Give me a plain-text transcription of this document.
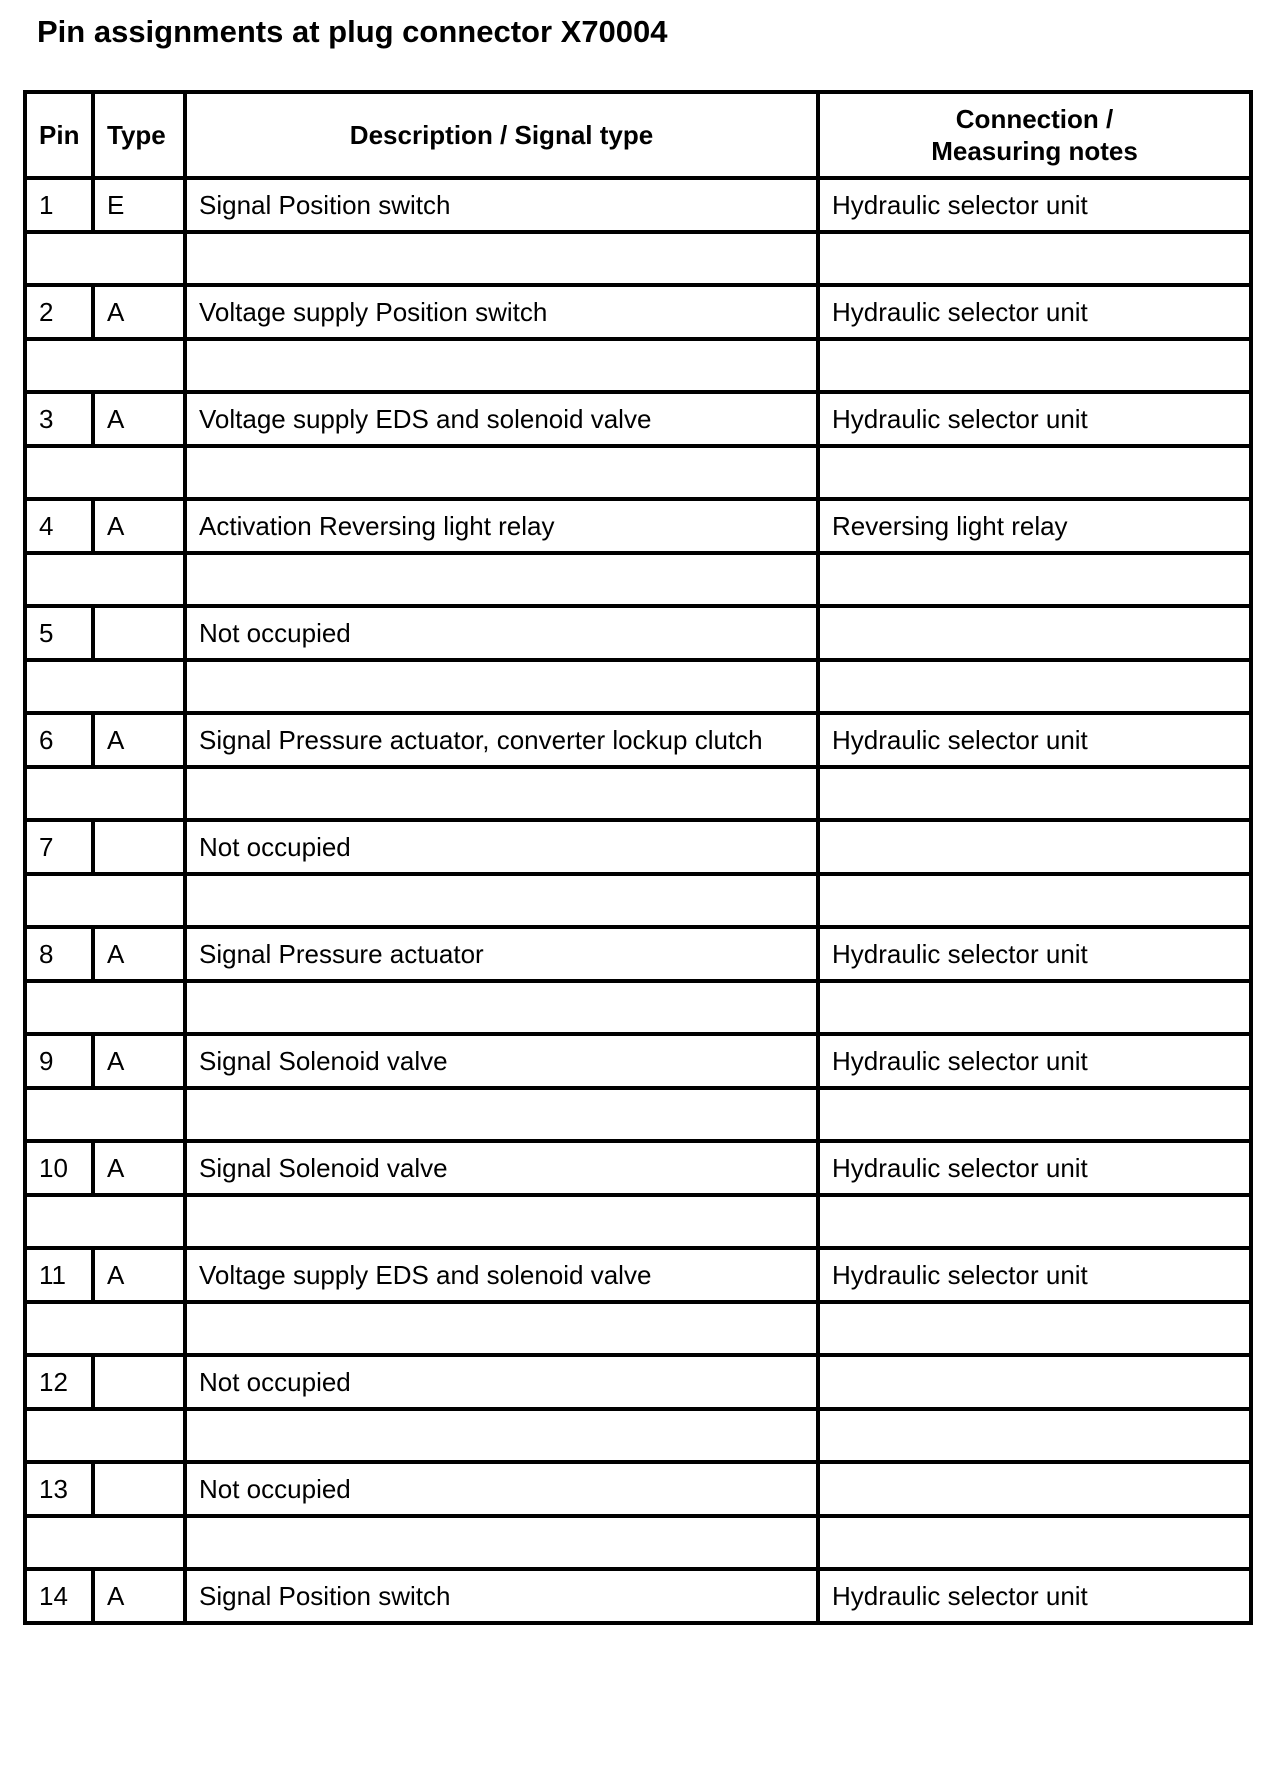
Pin assignments at plug connector X70004
Pin	Type	Description / Signal type	Connection /
Measuring notes
1	E	Signal Position switch	Hydraulic selector unit

2	A	Voltage supply Position switch	Hydraulic selector unit

3	A	Voltage supply EDS and solenoid valve	Hydraulic selector unit

4	A	Activation Reversing light relay	Reversing light relay

5		Not occupied	

6	A	Signal Pressure actuator, converter lockup clutch	Hydraulic selector unit

7		Not occupied	

8	A	Signal Pressure actuator	Hydraulic selector unit

9	A	Signal Solenoid valve	Hydraulic selector unit

10	A	Signal Solenoid valve	Hydraulic selector unit

11	A	Voltage supply EDS and solenoid valve	Hydraulic selector unit

12		Not occupied	

13		Not occupied	

14	A	Signal Position switch	Hydraulic selector unit
